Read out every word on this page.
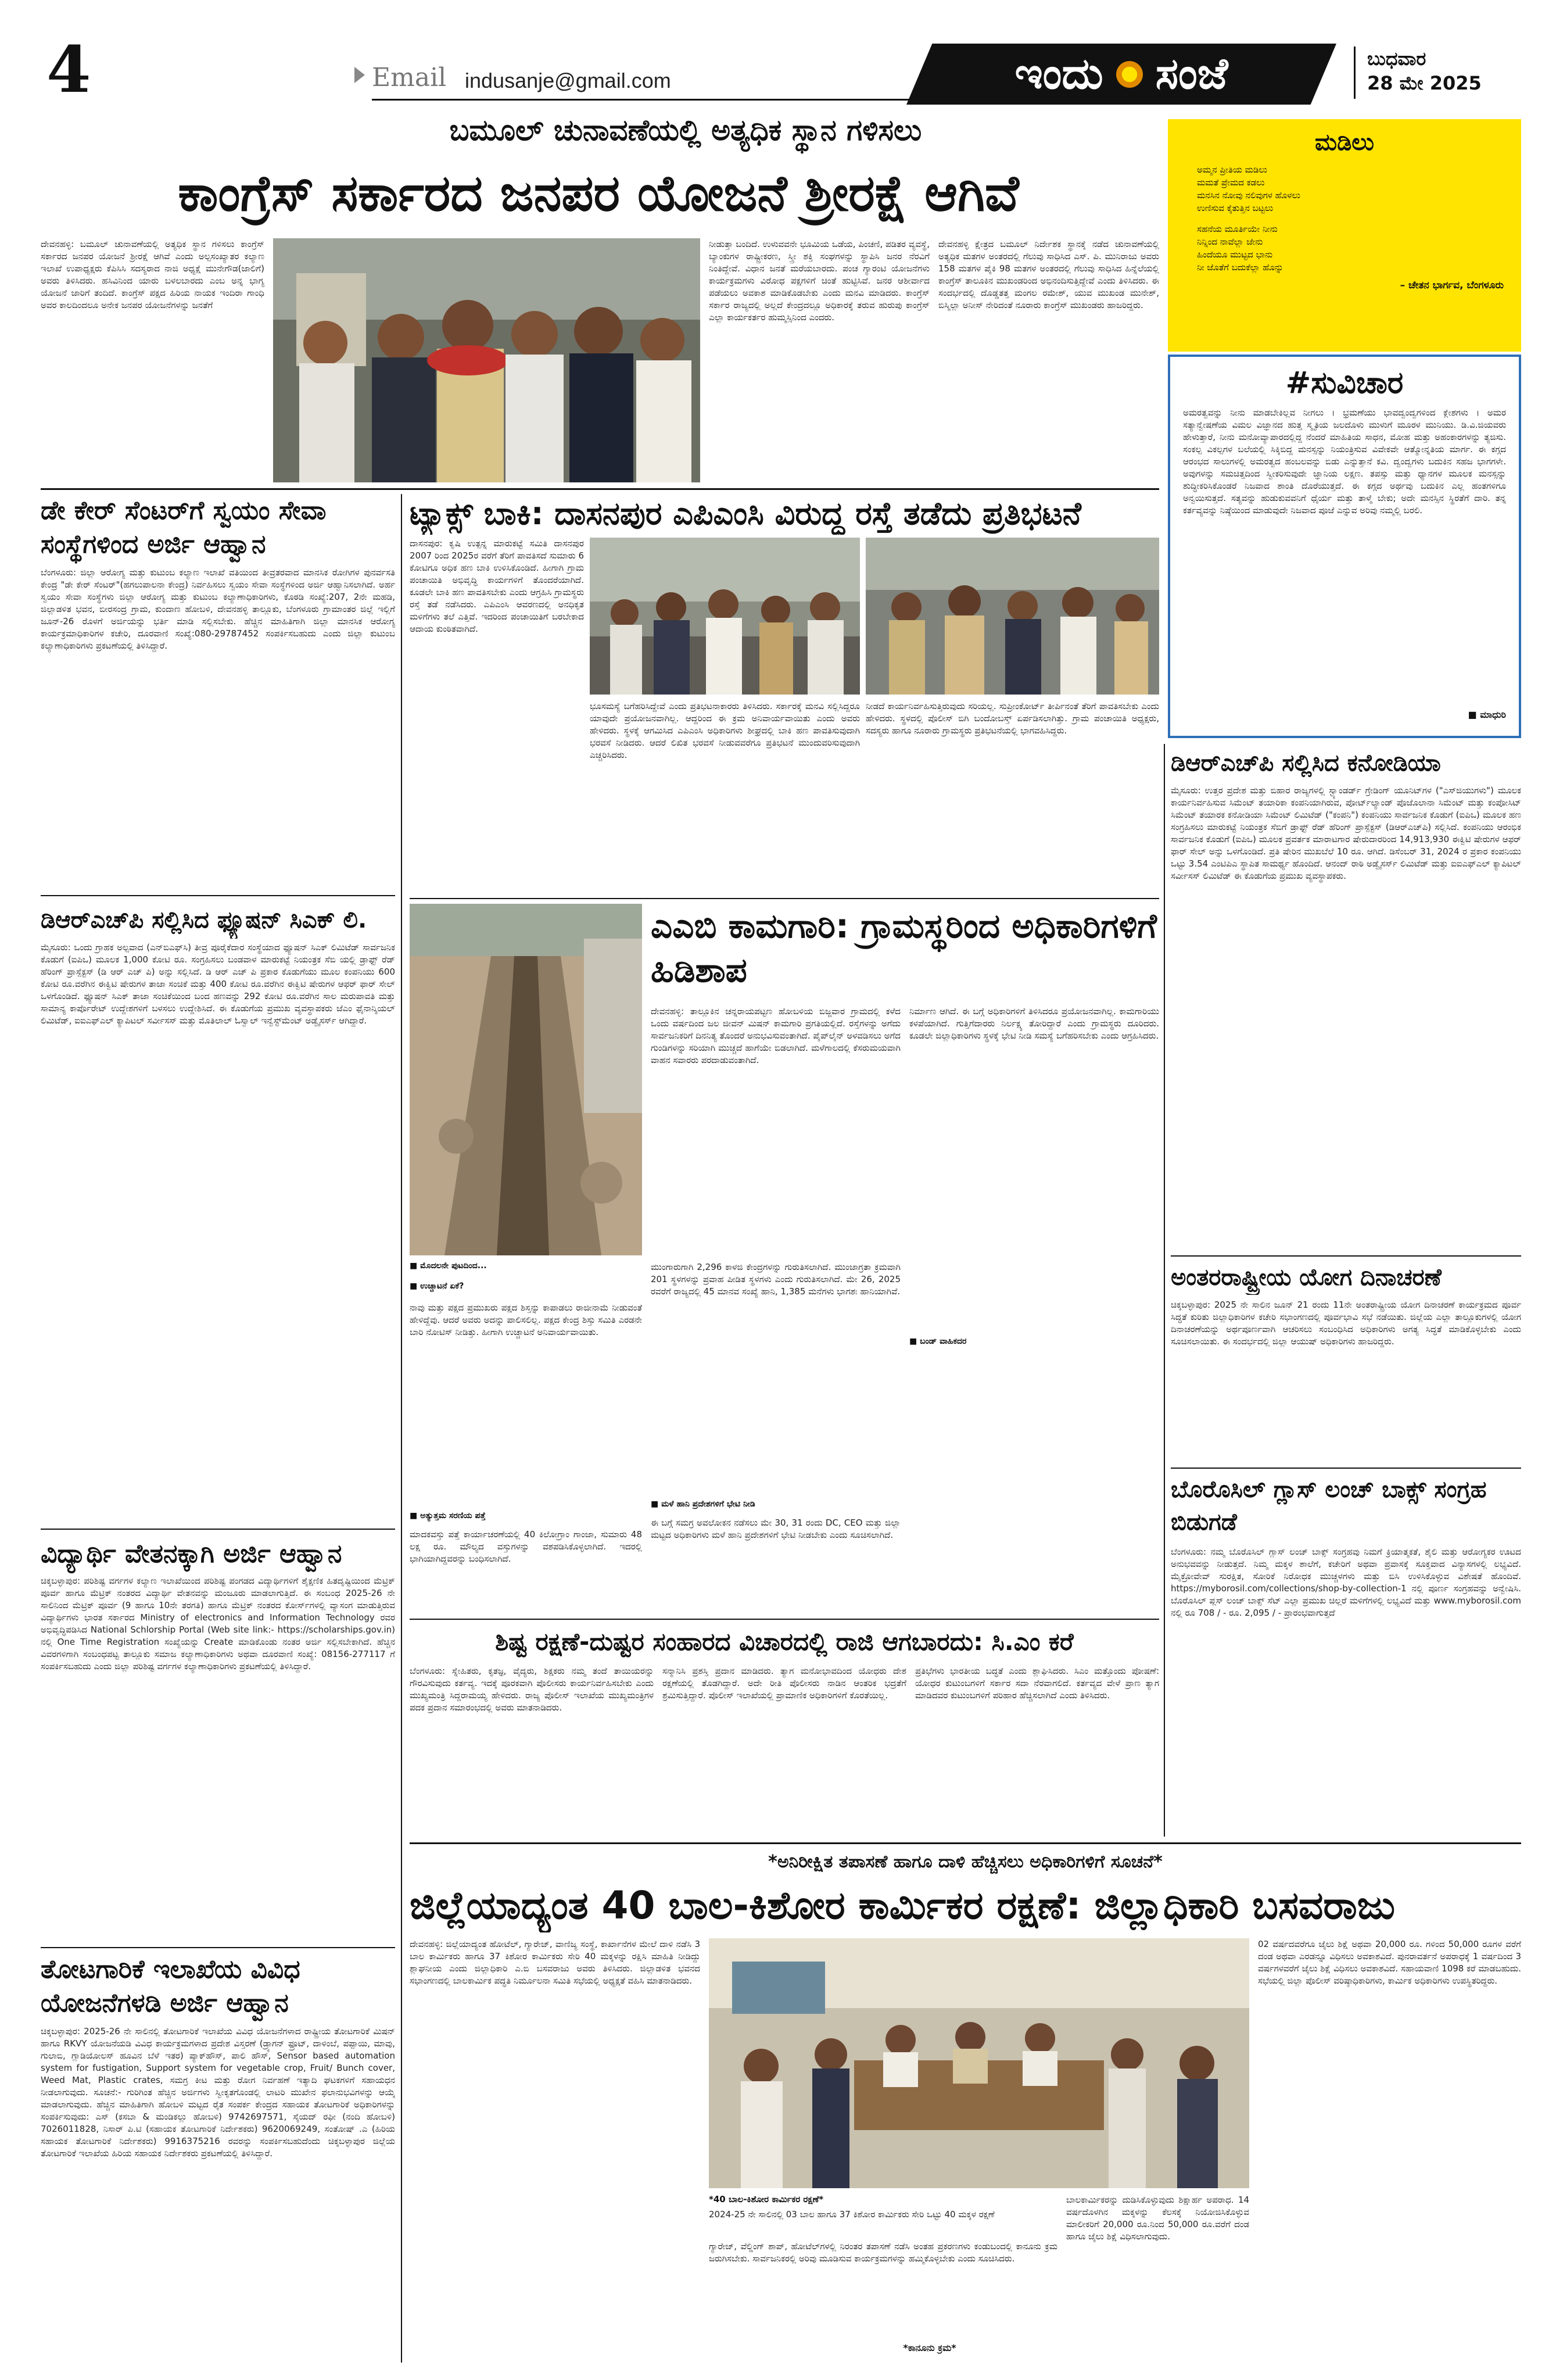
4	Email indusanje@gmail.com	ಇಂದು ಸಂಜೆ	ಬುಧವಾರ
28 ಮೇ 2025
ಬಮೂಲ್ ಚುನಾವಣೆಯಲ್ಲಿ ಅತ್ಯಧಿಕ ಸ್ಥಾನ ಗಳಿಸಲು
ಕಾಂಗ್ರೆಸ್ ಸರ್ಕಾರದ ಜನಪರ ಯೋಜನೆ ಶ್ರೀರಕ್ಷೆ ಆಗಿವೆ
ದೇವನಹಳ್ಳಿ: ಬಮೂಲ್ ಚುನಾವಣೆಯಲ್ಲಿ ಅತ್ಯಧಿಕ ಸ್ಥಾನ ಗಳಿಸಲು ಕಾಂಗ್ರೆಸ್ ಸರ್ಕಾರದ ಜನಪರ ಯೋಜನೆ ಶ್ರೀರಕ್ಷೆ ಆಗಿವೆ ಎಂದು ಅಲ್ಪಸಂಖ್ಯಾತರ ಕಲ್ಯಾಣ ಇಲಾಖೆ ಉಪಾಧ್ಯಕ್ಷರು ಕೆಪಿಸಿಸಿ ಸದಸ್ಯರಾದ ನಾಜಿ ಅಧ್ಯಕ್ಷೆ ಮುನೇಗೌಡ(ಜಾಲಿಗೆ) ಅವರು ತಿಳಿಸಿದರು. ಹಸಿವಿನಿಂದ ಯಾರು ಬಳಲಬಾರದು ಎಂಬ ಅನ್ನ ಭಾಗ್ಯ ಯೋಜನೆ ಜಾರಿಗೆ ತಂದಿದೆ. ಕಾಂಗ್ರೆಸ್ ಪಕ್ಷದ ಹಿರಿಯ ನಾಯಕ ಇಂದಿರಾ ಗಾಂಧಿ ಅವರ ಕಾಲದಿಂದಲೂ ಅನೇಕ ಜನಪರ ಯೋಜನೆಗಳನ್ನು ಜನತೆಗೆ
ನೀಡುತ್ತಾ ಬಂದಿದೆ. ಉಳುವವನೇ ಭೂಮಿಯ ಒಡೆಯ, ಪಿಂಚಣಿ, ಪಡಿತರ ವ್ಯವಸ್ಥೆ, ಬ್ಯಾಂಕುಗಳ ರಾಷ್ಟ್ರೀಕರಣ, ಸ್ತ್ರೀ ಶಕ್ತಿ ಸಂಘಗಳನ್ನು ಸ್ಥಾಪಿಸಿ ಜನರ ನೆರವಿಗೆ ನಿಂತಿದ್ದೇವೆ. ವಿಧಾನ ಜನತೆ ಮರೆಯಬಾರದು. ಪಂಚ ಗ್ಯಾರಂಟಿ ಯೋಜನೆಗಳು ಕಾರ್ಯಕ್ರಮಗಳು ವಿರೋಧ ಪಕ್ಷಗಳಿಗೆ ಚಿಂತೆ ಹುಟ್ಟಿಸಿವೆ. ಜನರ ಆಶೀರ್ವಾದ ಪಡೆಯಲು ಅವಕಾಶ ಮಾಡಿಕೊಡಬೇಕು ಎಂದು ಮನವಿ ಮಾಡಿದರು. ಕಾಂಗ್ರೆಸ್ ಸರ್ಕಾರ ರಾಜ್ಯದಲ್ಲಿ ಅಲ್ಲದೆ ಕೇಂದ್ರದಲ್ಲೂ ಅಧಿಕಾರಕ್ಕೆ ತರುವ ಹುರುಪು ಕಾಂಗ್ರೆಸ್ ಎಲ್ಲಾ ಕಾರ್ಯಕರ್ತರ ಹುಮ್ಮಸ್ಸಿನಿಂದ ಎಂದರು.
ದೇವನಹಳ್ಳಿ ಕ್ಷೇತ್ರದ ಬಮೂಲ್ ನಿರ್ದೇಶಕ ಸ್ಥಾನಕ್ಕೆ ನಡೆದ ಚುನಾವಣೆಯಲ್ಲಿ ಅತ್ಯಧಿಕ ಮತಗಳ ಅಂತರದಲ್ಲಿ ಗೆಲುವು ಸಾಧಿಸಿದ ಎಸ್. ಪಿ. ಮುನಿರಾಜು ಅವರು 158 ಮತಗಳ ಪೈಕಿ 98 ಮತಗಳ ಅಂತರದಲ್ಲಿ ಗೆಲುವು ಸಾಧಿಸಿದ ಹಿನ್ನೆಲೆಯಲ್ಲಿ ಕಾಂಗ್ರೆಸ್ ತಾಲೂಕಿನ ಮುಖಂಡರಿಂದ ಅಭಿನಂದಿಸುತ್ತಿದ್ದೇವೆ ಎಂದು ತಿಳಿಸಿದರು. ಈ ಸಂದರ್ಭದಲ್ಲಿ ದೊಡ್ಡತತ್ತ ಮಂಗಲ ರಮೇಶ್, ಯುವ ಮುಖಂಡ ಮುನೇಶ್, ಬಿಸ್ಮಿಲ್ಲಾ ಅನೀಸ್ ನೇರಿದಂತೆ ನೂರಾರು ಕಾಂಗ್ರೆಸ್ ಮುಖಂಡರು ಹಾಜರಿದ್ದರು.
ಮಡಿಲು
ಅಮ್ಮನ ಪ್ರೀತಿಯ ಮಡಿಲು
ಮಮತೆ ಪ್ರೇಮದ ಕಡಲು
ಮನಸಿನ ನೋವು ನಲಿವುಗಳ ಹೊಳಲು
ಉಣಿಸುವ ಕೈತುತ್ತಿನ ಬಟ್ಟಲು
ಸಹನೆಯ ಮೂರ್ತಿಯೇ ನೀನು
ನಿನ್ನಿಂದ ನಾವೆಲ್ಲಾ ಜೇನು
ಹಿಂದೆಯೂ ಮುಟ್ಟದ ಭಾನು
ನೀ ಜೊತೆಗೆ ಬದುಕೆಲ್ಲಾ ಹೊನ್ನು
– ಚೇತನ ಭಾರ್ಗವ, ಬೆಂಗಳೂರು
#ಸುವಿಚಾರ
ಅಮರತ್ವವನ್ನು ನೀನು ಮಾಡಬೇಕಿಲ್ಲವ ನೀಗಲು । ಭ್ರಮಣೆಯು ಭಾವದ್ವಂದ್ವಗಳಿಂದ ಕ್ಲೇಶಗಳು । ಅಮರ ಸತ್ಯಾನ್ವೇಷಣೆಯ ವಿಮಲ ವಿಜ್ಞಾನದ ಹುತ್ತ ಸ್ಮೃತಿಯ ಜಲದೊಳು ಮುಳುಗೆ ಮೂರಳ ಮುನಿಯು. ಡಿ.ವಿ.ಜಿಯವರು ಹೇಳುತ್ತಾರೆ, ನೀನು ಮನೋವ್ಯಾಪಾರದಲ್ಲಿದ್ದ ನೆಂದರೆ ಮಾಹಿತಿಯ ಸಾಧನ, ಮೋಹ ಮತ್ತು ಅಹಂಕಾರಗಳನ್ನು ತ್ಯಜಿಸು. ಸಂಕಲ್ಪ ವಿಕಲ್ಪಗಳ ಬಲೆಯಲ್ಲಿ ಸಿಕ್ಕಿಬಿದ್ದ ಮನಸ್ಸನ್ನು ನಿಯಂತ್ರಿಸುವ ವಿವೇಕವೇ ಆತ್ಮೋನ್ನತಿಯ ಮಾರ್ಗ. ಈ ಕಗ್ಗದ ಆರಂಭದ ಸಾಲುಗಳಲ್ಲಿ ಅಮರತ್ವದ ಹಂಬಲವನ್ನು ಬಿಡು ಎನ್ನುತ್ತಾನೆ ಕವಿ. ದ್ವಂದ್ವಗಳು ಬದುಕಿನ ಸಹಜ ಭಾಗಗಳೇ. ಅವುಗಳನ್ನು ಸಮಚಿತ್ತದಿಂದ ಸ್ವೀಕರಿಸುವುದೇ ಜ್ಞಾನಿಯ ಲಕ್ಷಣ. ತಪಸ್ಸು ಮತ್ತು ಧ್ಯಾನಗಳ ಮೂಲಕ ಮನಸ್ಸನ್ನು ಶುದ್ಧೀಕರಿಸಿಕೊಂಡರೆ ನಿಜವಾದ ಶಾಂತಿ ದೊರೆಯುತ್ತದೆ. ಈ ಕಗ್ಗದ ಅರ್ಥವು ಬದುಕಿನ ಎಲ್ಲ ಹಂತಗಳಿಗೂ ಅನ್ವಯಿಸುತ್ತದೆ. ಸತ್ಯವನ್ನು ಹುಡುಕುವವನಿಗೆ ಧೈರ್ಯ ಮತ್ತು ತಾಳ್ಮೆ ಬೇಕು; ಅದೇ ಮನಸ್ಸಿನ ಸ್ಥಿರತೆಗೆ ದಾರಿ. ತನ್ನ ಕರ್ತವ್ಯವನ್ನು ನಿಷ್ಠೆಯಿಂದ ಮಾಡುವುದೇ ನಿಜವಾದ ಪೂಜೆ ಎನ್ನುವ ಅರಿವು ನಮ್ಮಲ್ಲಿ ಬರಲಿ.
■ ಮಾಧುರಿ
ಡೇ ಕೇರ್ ಸೆಂಟರ್‌ಗೆ ಸ್ವಯಂ ಸೇವಾ ಸಂಸ್ಥೆಗಳಿಂದ ಅರ್ಜಿ ಆಹ್ವಾನ
ಬೆಂಗಳೂರು: ಜಿಲ್ಲಾ ಆರೋಗ್ಯ ಮತ್ತು ಕುಟುಂಬ ಕಲ್ಯಾಣ ಇಲಾಖೆ ವತಿಯಿಂದ ತೀವ್ರತರವಾದ ಮಾನಸಿಕ ರೋಗಿಗಳ ಪುನರ್ವಸತಿ ಕೇಂದ್ರ "ಡೇ ಕೇರ್ ಸೆಂಟರ್"(ಹಗಲುಪಾಲನಾ ಕೇಂದ್ರ) ನಿರ್ವಹಿಸಲು ಸ್ವಯಂ ಸೇವಾ ಸಂಸ್ಥೆಗಳಿಂದ ಅರ್ಜಿ ಆಹ್ವಾನಿಸಲಾಗಿದೆ. ಅರ್ಹ ಸ್ವಯಂ ಸೇವಾ ಸಂಸ್ಥೆಗಳು ಜಿಲ್ಲಾ ಆರೋಗ್ಯ ಮತ್ತು ಕುಟುಂಬ ಕಲ್ಯಾಣಾಧಿಕಾರಿಗಳು, ಕೊಠಡಿ ಸಂಖ್ಯೆ:207, 2ನೇ ಮಹಡಿ, ಜಿಲ್ಲಾಡಳಿತ ಭವನ, ಬೀರಸಂದ್ರ ಗ್ರಾಮ, ಕುಂದಾಣ ಹೋಬಳಿ, ದೇವನಹಳ್ಳಿ ತಾಲ್ಲೂಕು, ಬೆಂಗಳೂರು ಗ್ರಾಮಾಂತರ ಜಿಲ್ಲೆ ಇಲ್ಲಿಗೆ ಜೂನ್-26 ರೊಳಗೆ ಅರ್ಜಿಯನ್ನು ಭರ್ತಿ ಮಾಡಿ ಸಲ್ಲಿಸಬೇಕು. ಹೆಚ್ಚಿನ ಮಾಹಿತಿಗಾಗಿ ಜಿಲ್ಲಾ ಮಾನಸಿಕ ಆರೋಗ್ಯ ಕಾರ್ಯಕ್ರಮಾಧಿಕಾರಿಗಳ ಕಚೇರಿ, ದೂರವಾಣಿ ಸಂಖ್ಯೆ:080-29787452 ಸಂಪರ್ಕಿಸಬಹುದು ಎಂದು ಜಿಲ್ಲಾ ಕುಟುಂಬ ಕಲ್ಯಾಣಾಧಿಕಾರಿಗಳು ಪ್ರಕಟಣೆಯಲ್ಲಿ ತಿಳಿಸಿದ್ದಾರೆ.
ಡಿಆರ್‌ಎಚ್‌ಪಿ ಸಲ್ಲಿಸಿದ ಫ್ಯೂಷನ್ ಸಿಎಕ್ ಲಿ.
ಮೈಸೂರು: ಒಂದು ಗ್ರಾಹಕ ಅಲ್ಪವಾದ (ಎನ್‌ಬಿಎಫ್‌ಸಿ) ತೀವ್ರ ಪೂರೈಕೆದಾರ ಸಂಸ್ಥೆಯಾದ ಫ್ಯೂಷನ್ ಸಿಎಕ್ ಲಿಮಿಟೆಡ್ ಸಾರ್ವಜನಿಕ ಕೊಡುಗೆ (ಐಪಿಒ) ಮೂಲಕ 1,000 ಕೋಟಿ ರೂ. ಸಂಗ್ರಹಿಸಲು ಬಂಡವಾಳ ಮಾರುಕಟ್ಟೆ ನಿಯಂತ್ರಕ ಸೆಬಿ ಯಲ್ಲಿ ಡ್ರಾಫ್ಟ್ ರೆಡ್ ಹೆರಿಂಗ್ ಪ್ರಾಸ್ಪೆಕ್ಟಸ್ (ಡಿ ಆರ್ ಎಚ್ ಪಿ) ಅನ್ನು ಸಲ್ಲಿಸಿದೆ. ಡಿ ಆರ್ ಎಚ್ ಪಿ ಪ್ರಕಾರ ಕೊಡುಗೆಯು ಮೂಲ ಕಂಪನಿಯು 600 ಕೋಟಿ ರೂ.ವರೆಗಿನ ಈಕ್ವಿಟಿ ಷೇರುಗಳ ತಾಜಾ ಸಂಚಿಕೆ ಮತ್ತು 400 ಕೋಟಿ ರೂ.ವರೆಗಿನ ಈಕ್ವಿಟಿ ಷೇರುಗಳ ಆಫರ್ ಫಾರ್ ಸೇಲ್ ಒಳಗೊಂಡಿದೆ. ಫ್ಯೂಷನ್ ಸಿಎಕ್ ತಾಜಾ ಸಂಚಿಕೆಯಿಂದ ಬಂದ ಹಣವನ್ನು 292 ಕೋಟಿ ರೂ.ವರೆಗಿನ ಸಾಲ ಮರುಪಾವತಿ ಮತ್ತು ಸಾಮಾನ್ಯ ಕಾರ್ಪೊರೇಟ್ ಉದ್ದೇಶಗಳಿಗೆ ಬಳಸಲು ಉದ್ದೇಶಿಸಿದೆ. ಈ ಕೊಡುಗೆಯ ಪ್ರಮುಖ ವ್ಯವಸ್ಥಾಪಕರು ಜೆಎಂ ಫೈನಾನ್ಶಿಯಲ್ ಲಿಮಿಟೆಡ್, ಐಐಎಫ್‌ಎಲ್ ಕ್ಯಾಪಿಟಲ್ ಸರ್ವೀಸಸ್ ಮತ್ತು ಮೊತಿಲಾಲ್ ಓಸ್ವಾಲ್ ಇನ್ವೆಸ್ಟ್‌ಮೆಂಟ್ ಅಡ್ವೈಸರ್ಸ್ ಆಗಿದ್ದಾರೆ.
ವಿದ್ಯಾರ್ಥಿ ವೇತನಕ್ಕಾಗಿ ಅರ್ಜಿ ಆಹ್ವಾನ
ಚಿಕ್ಕಬಳ್ಳಾಪುರ: ಪರಿಶಿಷ್ಟ ವರ್ಗಗಳ ಕಲ್ಯಾಣ ಇಲಾಖೆಯಿಂದ ಪರಿಶಿಷ್ಟ ಪಂಗಡದ ವಿದ್ಯಾರ್ಥಿಗಳಿಗೆ ಶೈಕ್ಷಣಿಕ ಹಿತದೃಷ್ಟಿಯಿಂದ ಮೆಟ್ರಿಕ್ ಪೂರ್ವ ಹಾಗೂ ಮೆಟ್ರಿಕ್ ನಂತರದ ವಿದ್ಯಾರ್ಥಿ ವೇತನವನ್ನು ಮಂಜೂರು ಮಾಡಲಾಗುತ್ತಿದೆ. ಈ ಸಂಬಂಧ 2025-26 ನೇ ಸಾಲಿನಿಂದ ಮೆಟ್ರಿಕ್ ಪೂರ್ವ (9 ಹಾಗೂ 10ನೇ ತರಗತಿ) ಹಾಗೂ ಮೆಟ್ರಿಕ್ ನಂತರದ ಕೋರ್ಸ್‌ಗಳಲ್ಲಿ ವ್ಯಾಸಂಗ ಮಾಡುತ್ತಿರುವ ವಿದ್ಯಾರ್ಥಿಗಳು ಭಾರತ ಸರ್ಕಾರದ Ministry of electronics and Information Technology ರವರ ಅಭಿವೃದ್ಧಿಪಡಿಸಿದ National Schlorship Portal (Web site link:- https://scholarships.gov.in) ನಲ್ಲಿ One Time Registration ಸಂಖ್ಯೆಯನ್ನು Create ಮಾಡಿಕೊಂಡು ನಂತರ ಅರ್ಜಿ ಸಲ್ಲಿಸಬೇಕಾಗಿದೆ. ಹೆಚ್ಚಿನ ವಿವರಗಳಿಗಾಗಿ ಸಂಬಂಧಪಟ್ಟ ತಾಲ್ಲೂಕು ಸಮಾಜ ಕಲ್ಯಾಣಾಧಿಕಾರಿಗಳು ಅಥವಾ ದೂರವಾಣಿ ಸಂಖ್ಯೆ: 08156-277117 ಗೆ ಸಂಪರ್ಕಿಸಬಹುದು ಎಂದು ಜಿಲ್ಲಾ ಪರಿಶಿಷ್ಟ ವರ್ಗಗಳ ಕಲ್ಯಾಣಾಧಿಕಾರಿಗಳು ಪ್ರಕಟಣೆಯಲ್ಲಿ ತಿಳಿಸಿದ್ದಾರೆ.
ತೋಟಗಾರಿಕೆ ಇಲಾಖೆಯ ವಿವಿಧ ಯೋಜನೆಗಳಡಿ ಅರ್ಜಿ ಆಹ್ವಾನ
ಚಿಕ್ಕಬಳ್ಳಾಪುರ: 2025-26 ನೇ ಸಾಲಿನಲ್ಲಿ ತೋಟಗಾರಿಕೆ ಇಲಾಖೆಯ ವಿವಿಧ ಯೋಜನೆಗಳಾದ ರಾಷ್ಟ್ರೀಯ ತೋಟಗಾರಿಕೆ ಮಿಷನ್ ಹಾಗೂ RKVY ಯೋಜನೆಯಡಿ ವಿವಿಧ ಕಾರ್ಯಕ್ರಮಗಳಾದ ಪ್ರದೇಶ ವಿಸ್ತರಣೆ (ಡ್ರ್ಯಾಗನ್ ಫ್ರೂಟ್, ದಾಳಿಂಬೆ, ಪಪ್ಪಾಯಿ, ಮಾವು, ಗುಲಾಬಿ, ಗ್ಲಾಡಿಯೋಲಸ್ ಹೂವಿನ ಬೆಳೆ ಇತರ) ಪ್ಯಾಕ್‌ಹೌಸ್, ಪಾಲಿ ಹೌಸ್, Sensor based automation system for fustigation, Support system for vegetable crop, Fruit/ Bunch cover, Weed Mat, Plastic crates, ಸಮಗ್ರ ಕೀಟ ಮತ್ತು ರೋಗ ನಿರ್ವಹಣೆ ಇತ್ಯಾದಿ ಘಟಕಗಳಿಗೆ ಸಹಾಯಧನ ನೀಡಲಾಗುವುದು. ಸೂಚನೆ:- ಗುರಿಗಿಂತ ಹೆಚ್ಚಿನ ಅರ್ಜಿಗಳು ಸ್ವೀಕೃತಗೊಂಡಲ್ಲಿ ಲಾಟರಿ ಮುಖೇನ ಫಲಾನುಭವಿಗಳನ್ನು ಆಯ್ಕೆ ಮಾಡಲಾಗುವುದು. ಹೆಚ್ಚಿನ ಮಾಹಿತಿಗಾಗಿ ಹೋಬಳಿ ಮಟ್ಟದ ರೈತ ಸಂಪರ್ಕ ಕೇಂದ್ರದ ಸಹಾಯಕ ತೋಟಗಾರಿಕೆ ಅಧಿಕಾರಿಗಳನ್ನು ಸಂಪರ್ಕಿಸುವುದು: ಎಸ್ (ಕಸಬಾ & ಮಂಡಿಕಲ್ಲು ಹೋಬಳಿ) 9742697571, ಸೈಯದ್ ರಫೀ (ನಂದಿ ಹೋಬಳಿ) 7026011828, ನಿಸಾರ್ ಪಿ.ಟಿ (ಸಹಾಯಕ ತೋಟಗಾರಿಕೆ ನಿರ್ದೇಶಕರು) 9620069249, ಸಂತೋಷ್ .ಎ (ಹಿರಿಯ ಸಹಾಯಕ ತೋಟಗಾರಿಕೆ ನಿರ್ದೇಶಕರು) 9916375216 ರವರನ್ನು ಸಂಪರ್ಕಿಸಬಹುದೆಂದು ಚಿಕ್ಕಬಳ್ಳಾಪುರ ಜಿಲ್ಲೆಯ ತೋಟಗಾರಿಕೆ ಇಲಾಖೆಯ ಹಿರಿಯ ಸಹಾಯಕ ನಿರ್ದೇಶಕರು ಪ್ರಕಟಣೆಯಲ್ಲಿ ತಿಳಿಸಿದ್ದಾರೆ.
ಟ್ಯಾಕ್ಸ್ ಬಾಕಿ: ದಾಸನಪುರ ಎಪಿಎಂಸಿ ವಿರುದ್ಧ ರಸ್ತೆ ತಡೆದು ಪ್ರತಿಭಟನೆ
ದಾಸನಪುರ: ಕೃಷಿ ಉತ್ಪನ್ನ ಮಾರುಕಟ್ಟೆ ಸಮಿತಿ ದಾಸನಪುರ 2007 ರಿಂದ 2025ರ ವರೆಗೆ ತೆರಿಗೆ ಪಾವತಿಸದೆ ಸುಮಾರು 6 ಕೋಟಿಗೂ ಅಧಿಕ ಹಣ ಬಾಕಿ ಉಳಿಸಿಕೊಂಡಿದೆ. ಹೀಗಾಗಿ ಗ್ರಾಮ ಪಂಚಾಯಿತಿ ಅಭಿವೃದ್ಧಿ ಕಾರ್ಯಗಳಿಗೆ ತೊಂದರೆಯಾಗಿದೆ. ಕೂಡಲೇ ಬಾಕಿ ಹಣ ಪಾವತಿಸಬೇಕು ಎಂದು ಆಗ್ರಹಿಸಿ ಗ್ರಾಮಸ್ಥರು ರಸ್ತೆ ತಡೆ ನಡೆಸಿದರು. ಎಪಿಎಂಸಿ ಆವರಣದಲ್ಲಿ ಅನಧಿಕೃತ ಮಳಿಗೆಗಳು ತಲೆ ಎತ್ತಿವೆ. ಇದರಿಂದ ಪಂಚಾಯಿತಿಗೆ ಬರಬೇಕಾದ ಆದಾಯ ಕುಂಠಿತವಾಗಿದೆ.
ಭೂಸಮಸ್ಯೆ ಬಗೆಹರಿಸಿದ್ದೇವೆ ಎಂದು ಪ್ರತಿಭಟನಾಕಾರರು ತಿಳಿಸಿದರು. ಸರ್ಕಾರಕ್ಕೆ ಮನವಿ ಸಲ್ಲಿಸಿದ್ದರೂ ಯಾವುದೇ ಪ್ರಯೋಜನವಾಗಿಲ್ಲ. ಆದ್ದರಿಂದ ಈ ಕ್ರಮ ಅನಿವಾರ್ಯವಾಯಿತು ಎಂದು ಅವರು ಹೇಳಿದರು. ಸ್ಥಳಕ್ಕೆ ಆಗಮಿಸಿದ ಎಪಿಎಂಸಿ ಅಧಿಕಾರಿಗಳು ಶೀಘ್ರದಲ್ಲಿ ಬಾಕಿ ಹಣ ಪಾವತಿಸುವುದಾಗಿ ಭರವಸೆ ನೀಡಿದರು. ಆದರೆ ಲಿಖಿತ ಭರವಸೆ ನೀಡುವವರೆಗೂ ಪ್ರತಿಭಟನೆ ಮುಂದುವರಿಸುವುದಾಗಿ ಎಚ್ಚರಿಸಿದರು.
ನೀಡದೆ ಕಾರ್ಯನಿರ್ವಹಿಸುತ್ತಿರುವುದು ಸರಿಯಲ್ಲ. ಸುಪ್ರೀಂಕೋರ್ಟ್ ತೀರ್ಪಿನಂತೆ ತೆರಿಗೆ ಪಾವತಿಸಬೇಕು ಎಂದು ಹೇಳಿದರು. ಸ್ಥಳದಲ್ಲಿ ಪೊಲೀಸ್ ಬಿಗಿ ಬಂದೋಬಸ್ತ್ ಏರ್ಪಡಿಸಲಾಗಿತ್ತು. ಗ್ರಾಮ ಪಂಚಾಯಿತಿ ಅಧ್ಯಕ್ಷರು, ಸದಸ್ಯರು ಹಾಗೂ ನೂರಾರು ಗ್ರಾಮಸ್ಥರು ಪ್ರತಿಭಟನೆಯಲ್ಲಿ ಭಾಗವಹಿಸಿದ್ದರು.
ಎಎಬಿ ಕಾಮಗಾರಿ: ಗ್ರಾಮಸ್ಥರಿಂದ ಅಧಿಕಾರಿಗಳಿಗೆ ಹಿಡಿಶಾಪ
ದೇವನಹಳ್ಳಿ: ತಾಲ್ಲೂಕಿನ ಚನ್ನರಾಯಪಟ್ಟಣ ಹೋಬಳಿಯ ಬಿಜ್ಜವಾರ ಗ್ರಾಮದಲ್ಲಿ ಕಳೆದ ಒಂದು ವರ್ಷದಿಂದ ಜಲ ಜೀವನ್ ಮಿಷನ್ ಕಾಮಗಾರಿ ಪ್ರಗತಿಯಲ್ಲಿದೆ. ರಸ್ತೆಗಳನ್ನು ಅಗೆದು ಸಾರ್ವಜನಿಕರಿಗೆ ದಿನನಿತ್ಯ ತೊಂದರೆ ಅನುಭವಿಸುವಂತಾಗಿದೆ. ಪೈಪ್‌ಲೈನ್ ಅಳವಡಿಸಲು ಅಗೆದ ಗುಂಡಿಗಳನ್ನು ಸರಿಯಾಗಿ ಮುಚ್ಚದೆ ಹಾಗೆಯೇ ಬಿಡಲಾಗಿದೆ. ಮಳೆಗಾಲದಲ್ಲಿ ಕೆಸರುಮಯವಾಗಿ ವಾಹನ ಸವಾರರು ಪರದಾಡುವಂತಾಗಿದೆ.
ನಿರ್ಮಾಣ ಆಗಿದೆ. ಈ ಬಗ್ಗೆ ಅಧಿಕಾರಿಗಳಿಗೆ ತಿಳಿಸಿದರೂ ಪ್ರಯೋಜನವಾಗಿಲ್ಲ. ಕಾಮಗಾರಿಯು ಕಳಪೆಯಾಗಿದೆ. ಗುತ್ತಿಗೆದಾರರು ನಿರ್ಲಕ್ಷ್ಯ ತೋರಿದ್ದಾರೆ ಎಂದು ಗ್ರಾಮಸ್ಥರು ದೂರಿದರು. ಕೂಡಲೇ ಜಿಲ್ಲಾಧಿಕಾರಿಗಳು ಸ್ಥಳಕ್ಕೆ ಭೇಟಿ ನೀಡಿ ಸಮಸ್ಯೆ ಬಗೆಹರಿಸಬೇಕು ಎಂದು ಆಗ್ರಹಿಸಿದರು.
■ ಮೊದಲನೇ ಪುಟದಿಂದ...
■ ಉಚ್ಚಾಟನೆ ಏಕೆ?
ನಾವು ಮತ್ತು ಪಕ್ಷದ ಪ್ರಮುಖರು ಪಕ್ಷದ ಶಿಸ್ತನ್ನು ಕಾಪಾಡಲು ರಾಜೀನಾಮೆ ನೀಡುವಂತೆ ಹೇಳಿದ್ದೆವು. ಆದರೆ ಅವರು ಅದನ್ನು ಪಾಲಿಸಲಿಲ್ಲ. ಪಕ್ಷದ ಕೇಂದ್ರ ಶಿಸ್ತು ಸಮಿತಿ ಎರಡನೇ ಬಾರಿ ನೋಟಿಸ್ ನೀಡಿತ್ತು. ಹೀಗಾಗಿ ಉಚ್ಚಾಟನೆ ಅನಿವಾರ್ಯವಾಯಿತು.
■ ಅತ್ಯುತ್ತಮ ಸರಣಿಯ ಪತ್ತೆ
ಮಾದಕವಸ್ತು ಪತ್ತೆ ಕಾರ್ಯಾಚರಣೆಯಲ್ಲಿ 40 ಕಿಲೋಗ್ರಾಂ ಗಾಂಜಾ, ಸುಮಾರು 48 ಲಕ್ಷ ರೂ. ಮೌಲ್ಯದ ವಸ್ತುಗಳನ್ನು ವಶಪಡಿಸಿಕೊಳ್ಳಲಾಗಿದೆ. ಇದರಲ್ಲಿ ಭಾಗಿಯಾಗಿದ್ದವರನ್ನು ಬಂಧಿಸಲಾಗಿದೆ.
ಮುಂಗಾರುಗಾಗಿ 2,296 ಕಾಳಜಿ ಕೇಂದ್ರಗಳನ್ನು ಗುರುತಿಸಲಾಗಿದೆ. ಮುಂಜಾಗ್ರತಾ ಕ್ರಮವಾಗಿ 201 ಸ್ಥಳಗಳನ್ನು ಪ್ರವಾಹ ಪೀಡಿತ ಸ್ಥಳಗಳು ಎಂದು ಗುರುತಿಸಲಾಗಿದೆ. ಮೇ 26, 2025 ರವರೆಗೆ ರಾಜ್ಯದಲ್ಲಿ 45 ಮಾನವ ಸಂಖ್ಯೆ ಹಾನಿ, 1,385 ಮನೆಗಳು ಭಾಗಶಃ ಹಾನಿಯಾಗಿವೆ.
■ ಮಳೆ ಹಾನಿ ಪ್ರದೇಶಗಳಿಗೆ ಭೇಟಿ ನೀಡಿ
ಈ ಬಗ್ಗೆ ಸಮಗ್ರ ಅವಲೋಕನ ನಡೆಸಲು ಮೇ 30, 31 ರಂದು DC, CEO ಮತ್ತು ಜಿಲ್ಲಾ ಮಟ್ಟದ ಅಧಿಕಾರಿಗಳು ಮಳೆ ಹಾನಿ ಪ್ರದೇಶಗಳಿಗೆ ಭೇಟಿ ನೀಡಬೇಕು ಎಂದು ಸೂಚಿಸಲಾಗಿದೆ.
■ ಬಂಡ್ ವಾಹಿಕದರ
ಶಿಷ್ಟ ರಕ್ಷಣೆ-ದುಷ್ಟರ ಸಂಹಾರದ ವಿಚಾರದಲ್ಲಿ ರಾಜಿ ಆಗಬಾರದು: ಸಿ.ಎಂ ಕರೆ
ಬೆಂಗಳೂರು: ಸ್ನೇಹಿತರು, ಕೃತಜ್ಞ, ವೈದ್ಯರು, ಶಿಕ್ಷಕರು ನಮ್ಮ ತಂದೆ ತಾಯಿಯರನ್ನು ಗೌರವಿಸುವುದು ಕರ್ತವ್ಯ. ಇದಕ್ಕೆ ಪೂರಕವಾಗಿ ಪೊಲೀಸರು ಕಾರ್ಯನಿರ್ವಹಿಸಬೇಕು ಎಂದು ಮುಖ್ಯಮಂತ್ರಿ ಸಿದ್ದರಾಮಯ್ಯ ಹೇಳಿದರು. ರಾಜ್ಯ ಪೊಲೀಸ್ ಇಲಾಖೆಯ ಮುಖ್ಯಮಂತ್ರಿಗಳ ಪದಕ ಪ್ರದಾನ ಸಮಾರಂಭದಲ್ಲಿ ಅವರು ಮಾತನಾಡಿದರು.
ಸನ್ಮಾನಿಸಿ ಪ್ರಶಸ್ತಿ ಪ್ರದಾನ ಮಾಡಿದರು. ತ್ಯಾಗ ಮನೋಭಾವದಿಂದ ಯೋಧರು ದೇಶ ರಕ್ಷಣೆಯಲ್ಲಿ ತೊಡಗಿದ್ದಾರೆ. ಅದೇ ರೀತಿ ಪೊಲೀಸರು ನಾಡಿನ ಆಂತರಿಕ ಭದ್ರತೆಗೆ ಶ್ರಮಿಸುತ್ತಿದ್ದಾರೆ. ಪೊಲೀಸ್ ಇಲಾಖೆಯಲ್ಲಿ ಪ್ರಾಮಾಣಿಕ ಅಧಿಕಾರಿಗಳಿಗೆ ಕೊರತೆಯಿಲ್ಲ.
ಪ್ರತಿಭೆಗಳು ಭಾರತೀಯ ಬದ್ಧತೆ ಎಂದು ಶ್ಲಾಘಿಸಿದರು. ಸಿಎಂ ಮತ್ತೊಂದು ಪೋಷಣೆ: ಯೋಧರ ಕುಟುಂಬಗಳಿಗೆ ಸರ್ಕಾರ ಸದಾ ನೆರವಾಗಲಿದೆ. ಕರ್ತವ್ಯದ ವೇಳೆ ಪ್ರಾಣ ತ್ಯಾಗ ಮಾಡಿದವರ ಕುಟುಂಬಗಳಿಗೆ ಪರಿಹಾರ ಹೆಚ್ಚಿಸಲಾಗಿದೆ ಎಂದು ತಿಳಿಸಿದರು.
ಡಿಆರ್‌ಎಚ್‌ಪಿ ಸಲ್ಲಿಸಿದ ಕನೋಡಿಯಾ
ಮೈಸೂರು: ಉತ್ತರ ಪ್ರದೇಶ ಮತ್ತು ಬಿಹಾರ ರಾಜ್ಯಗಳಲ್ಲಿ ಸ್ಟ್ಯಾಂಡರ್ಡ್ ಗ್ರೇಡಿಂಗ್ ಯೂನಿಟ್‌ಗಳ ("ಎಸ್‌ಜಿಯುಗಳು") ಮೂಲಕ ಕಾರ್ಯನಿರ್ವಹಿಸುವ ಸಿಮೆಂಟ್ ತಯಾರಿಕಾ ಕಂಪನಿಯಾಗಿರುವ, ಪೋರ್ಟ್‌ಲ್ಯಾಂಡ್ ಪೊಜೊಲಾನಾ ಸಿಮೆಂಟ್ ಮತ್ತು ಕಂಪೋಸಿಟ್ ಸಿಮೆಂಟ್ ತಯಾರಕ ಕನೋಡಿಯಾ ಸಿಮೆಂಟ್ ಲಿಮಿಟೆಡ್ ("ಕಂಪನಿ") ಕಂಪನಿಯು ಸಾರ್ವಜನಿಕ ಕೊಡುಗೆ (ಐಪಿಒ) ಮೂಲಕ ಹಣ ಸಂಗ್ರಹಿಸಲು ಮಾರುಕಟ್ಟೆ ನಿಯಂತ್ರಕ ಸೆಬಿಗೆ ಡ್ರಾಫ್ಟ್ ರೆಡ್ ಹೆರಿಂಗ್ ಪ್ರಾಸ್ಪೆಕ್ಟಸ್ (ಡಿಆರ್‌ಎಚ್‌ಪಿ) ಸಲ್ಲಿಸಿದೆ. ಕಂಪನಿಯು ಆರಂಭಿಕ ಸಾರ್ವಜನಿಕ ಕೊಡುಗೆ (ಐಪಿಒ) ಮೂಲಕ ಪ್ರವರ್ತಕ ಮಾರಾಟಗಾರ ಷೇರುದಾರರಿಂದ 14,913,930 ಈಕ್ವಿಟಿ ಷೇರುಗಳ ಆಫರ್ ಫಾರ್ ಸೇಲ್ ಅನ್ನು ಒಳಗೊಂಡಿದೆ. ಪ್ರತಿ ಷೇರಿನ ಮುಖಬೆಲೆ 10 ರೂ. ಆಗಿದೆ. ಡಿಸೆಂಬರ್ 31, 2024 ರ ಪ್ರಕಾರ ಕಂಪನಿಯು ಒಟ್ಟು 3.54 ಎಂಟಿಪಿಎ ಸ್ಥಾಪಿತ ಸಾಮರ್ಥ್ಯ ಹೊಂದಿದೆ. ಆನಂದ್ ರಾಠಿ ಅಡ್ವೈಸರ್ಸ್ ಲಿಮಿಟೆಡ್ ಮತ್ತು ಐಐಎಫ್‌ಎಲ್ ಕ್ಯಾಪಿಟಲ್ ಸರ್ವೀಸಸ್ ಲಿಮಿಟೆಡ್ ಈ ಕೊಡುಗೆಯ ಪ್ರಮುಖ ವ್ಯವಸ್ಥಾಪಕರು.
ಅಂತರರಾಷ್ಟ್ರೀಯ ಯೋಗ ದಿನಾಚರಣೆ
ಚಿಕ್ಕಬಳ್ಳಾಪುರ: 2025 ನೇ ಸಾಲಿನ ಜೂನ್ 21 ರಂದು 11ನೇ ಅಂತರಾಷ್ಟ್ರೀಯ ಯೋಗ ದಿನಾಚರಣೆ ಕಾರ್ಯಕ್ರಮದ ಪೂರ್ವ ಸಿದ್ಧತೆ ಕುರಿತು ಜಿಲ್ಲಾಧಿಕಾರಿಗಳ ಕಚೇರಿ ಸಭಾಂಗಣದಲ್ಲಿ ಪೂರ್ವಭಾವಿ ಸಭೆ ನಡೆಯಿತು. ಜಿಲ್ಲೆಯ ಎಲ್ಲಾ ತಾಲ್ಲೂಕುಗಳಲ್ಲಿ ಯೋಗ ದಿನಾಚರಣೆಯನ್ನು ಅರ್ಥಪೂರ್ಣವಾಗಿ ಆಚರಿಸಲು ಸಂಬಂಧಿಸಿದ ಅಧಿಕಾರಿಗಳು ಅಗತ್ಯ ಸಿದ್ಧತೆ ಮಾಡಿಕೊಳ್ಳಬೇಕು ಎಂದು ಸೂಚಿಸಲಾಯಿತು. ಈ ಸಂದರ್ಭದಲ್ಲಿ ಜಿಲ್ಲಾ ಆಯುಷ್ ಅಧಿಕಾರಿಗಳು ಹಾಜರಿದ್ದರು.
ಬೊರೊಸಿಲ್ ಗ್ಲಾಸ್ ಲಂಚ್ ಬಾಕ್ಸ್ ಸಂಗ್ರಹ ಬಿಡುಗಡೆ
ಬೆಂಗಳೂರು: ನಮ್ಮ ಬೊರೊಸಿಲ್ ಗ್ಲಾಸ್ ಲಂಚ್ ಬಾಕ್ಸ್ ಸಂಗ್ರಹವು ನಿಮಗೆ ಕ್ರಿಯಾತ್ಮಕತೆ, ಶೈಲಿ ಮತ್ತು ಆರೋಗ್ಯಕರ ಊಟದ ಅನುಭವವನ್ನು ನೀಡುತ್ತದೆ. ನಿಮ್ಮ ಮಕ್ಕಳ ಶಾಲೆಗೆ, ಕಚೇರಿಗೆ ಅಥವಾ ಪ್ರವಾಸಕ್ಕೆ ಸೂಕ್ತವಾದ ವಿನ್ಯಾಸಗಳಲ್ಲಿ ಲಭ್ಯವಿದೆ. ಮೈಕ್ರೋವೇವ್ ಸುರಕ್ಷಿತ, ಸೋರಿಕೆ ನಿರೋಧಕ ಮುಚ್ಚಳಗಳು ಮತ್ತು ಬಿಸಿ ಉಳಿಸಿಕೊಳ್ಳುವ ವಿಶೇಷತೆ ಹೊಂದಿವೆ. https://myborosil.com/collections/shop-by-collection-1 ನಲ್ಲಿ ಪೂರ್ಣ ಸಂಗ್ರಹವನ್ನು ಅನ್ವೇಷಿಸಿ. ಬೊರೊಸಿಲ್ ಪ್ಲಸ್ ಲಂಚ್ ಬಾಕ್ಸ್ ಸೆಟ್ ಎಲ್ಲಾ ಪ್ರಮುಖ ಚಿಲ್ಲರೆ ಮಳಿಗೆಗಳಲ್ಲಿ ಲಭ್ಯವಿದೆ ಮತ್ತು www.myborosil.com ನಲ್ಲಿ ರೂ 708 / - ರೂ. 2,095 / - ಪ್ರಾರಂಭವಾಗುತ್ತದೆ
*ಅನಿರೀಕ್ಷಿತ ತಪಾಸಣೆ ಹಾಗೂ ದಾಳಿ ಹೆಚ್ಚಿಸಲು ಅಧಿಕಾರಿಗಳಿಗೆ ಸೂಚನೆ*
ಜಿಲ್ಲೆಯಾದ್ಯಂತ 40 ಬಾಲ-ಕಿಶೋರ ಕಾರ್ಮಿಕರ ರಕ್ಷಣೆ: ಜಿಲ್ಲಾಧಿಕಾರಿ ಬಸವರಾಜು
ದೇವನಹಳ್ಳಿ: ಜಿಲ್ಲೆಯಾದ್ಯಂತ ಹೋಟೆಲ್, ಗ್ಯಾರೇಜ್, ವಾಣಿಜ್ಯ ಸಂಸ್ಥೆ, ಕಾರ್ಖಾನೆಗಳ ಮೇಲೆ ದಾಳಿ ನಡೆಸಿ 3 ಬಾಲ ಕಾರ್ಮಿಕರು ಹಾಗೂ 37 ಕಿಶೋರ ಕಾರ್ಮಿಕರು ಸೇರಿ 40 ಮಕ್ಕಳನ್ನು ರಕ್ಷಿಸಿ ಮಾಹಿತಿ ನೀಡಿದ್ದು ಶ್ಲಾಘನೀಯ ಎಂದು ಜಿಲ್ಲಾಧಿಕಾರಿ ಎ.ಬಿ ಬಸವರಾಜು ಅವರು ತಿಳಿಸಿದರು. ಜಿಲ್ಲಾಡಳಿತ ಭವನದ ಸಭಾಂಗಣದಲ್ಲಿ ಬಾಲಕಾರ್ಮಿಕ ಪದ್ಧತಿ ನಿರ್ಮೂಲನಾ ಸಮಿತಿ ಸಭೆಯಲ್ಲಿ ಅಧ್ಯಕ್ಷತೆ ವಹಿಸಿ ಮಾತನಾಡಿದರು.
*40 ಬಾಲ-ಕಿಶೋರ ಕಾರ್ಮಿಕರ ರಕ್ಷಣೆ*
2024-25 ನೇ ಸಾಲಿನಲ್ಲಿ 03 ಬಾಲ ಹಾಗೂ 37 ಕಿಶೋರ ಕಾರ್ಮಿಕರು ಸೇರಿ ಒಟ್ಟು 40 ಮಕ್ಕಳ ರಕ್ಷಣೆ
ಗ್ಯಾರೇಜ್, ವೆಲ್ಡಿಂಗ್ ಶಾಪ್, ಹೋಟೆಲ್‌ಗಳಲ್ಲಿ ನಿರಂತರ ತಪಾಸಣೆ ನಡೆಸಿ ಅಂತಹ ಪ್ರಕರಣಗಳು ಕಂಡುಬಂದಲ್ಲಿ ಕಾನೂನು ಕ್ರಮ ಜರುಗಿಸಬೇಕು. ಸಾರ್ವಜನಿಕರಲ್ಲಿ ಅರಿವು ಮೂಡಿಸುವ ಕಾರ್ಯಕ್ರಮಗಳನ್ನು ಹಮ್ಮಿಕೊಳ್ಳಬೇಕು ಎಂದು ಸೂಚಿಸಿದರು.
*ಕಾನೂನು ಕ್ರಮ*
ಬಾಲಕಾರ್ಮಿಕರನ್ನು ದುಡಿಸಿಕೊಳ್ಳುವುದು ಶಿಕ್ಷಾರ್ಹ ಅಪರಾಧ. 14 ವರ್ಷದೊಳಗಿನ ಮಕ್ಕಳನ್ನು ಕೆಲಸಕ್ಕೆ ನಿಯೋಜಿಸಿಕೊಳ್ಳುವ ಮಾಲೀಕರಿಗೆ 20,000 ರೂ.ನಿಂದ 50,000 ರೂ.ವರೆಗೆ ದಂಡ ಹಾಗೂ ಜೈಲು ಶಿಕ್ಷೆ ವಿಧಿಸಲಾಗುವುದು.
02 ವರ್ಷದವರೆಗೂ ಜೈಲು ಶಿಕ್ಷೆ ಅಥವಾ 20,000 ರೂ. ಗಳಿಂದ 50,000 ರೂಗಳ ವರೆಗೆ ದಂಡ ಅಥವಾ ಎರಡನ್ನೂ ವಿಧಿಸಲು ಅವಕಾಶವಿದೆ. ಪುನರಾವರ್ತನೆ ಅಪರಾಧಕ್ಕೆ 1 ವರ್ಷದಿಂದ 3 ವರ್ಷಗಳವರೆಗೆ ಜೈಲು ಶಿಕ್ಷೆ ವಿಧಿಸಲು ಅವಕಾಶವಿದೆ. ಸಹಾಯವಾಣಿ 1098 ಕರೆ ಮಾಡಬಹುದು. ಸಭೆಯಲ್ಲಿ ಜಿಲ್ಲಾ ಪೊಲೀಸ್ ವರಿಷ್ಠಾಧಿಕಾರಿಗಳು, ಕಾರ್ಮಿಕ ಅಧಿಕಾರಿಗಳು ಉಪಸ್ಥಿತರಿದ್ದರು.
